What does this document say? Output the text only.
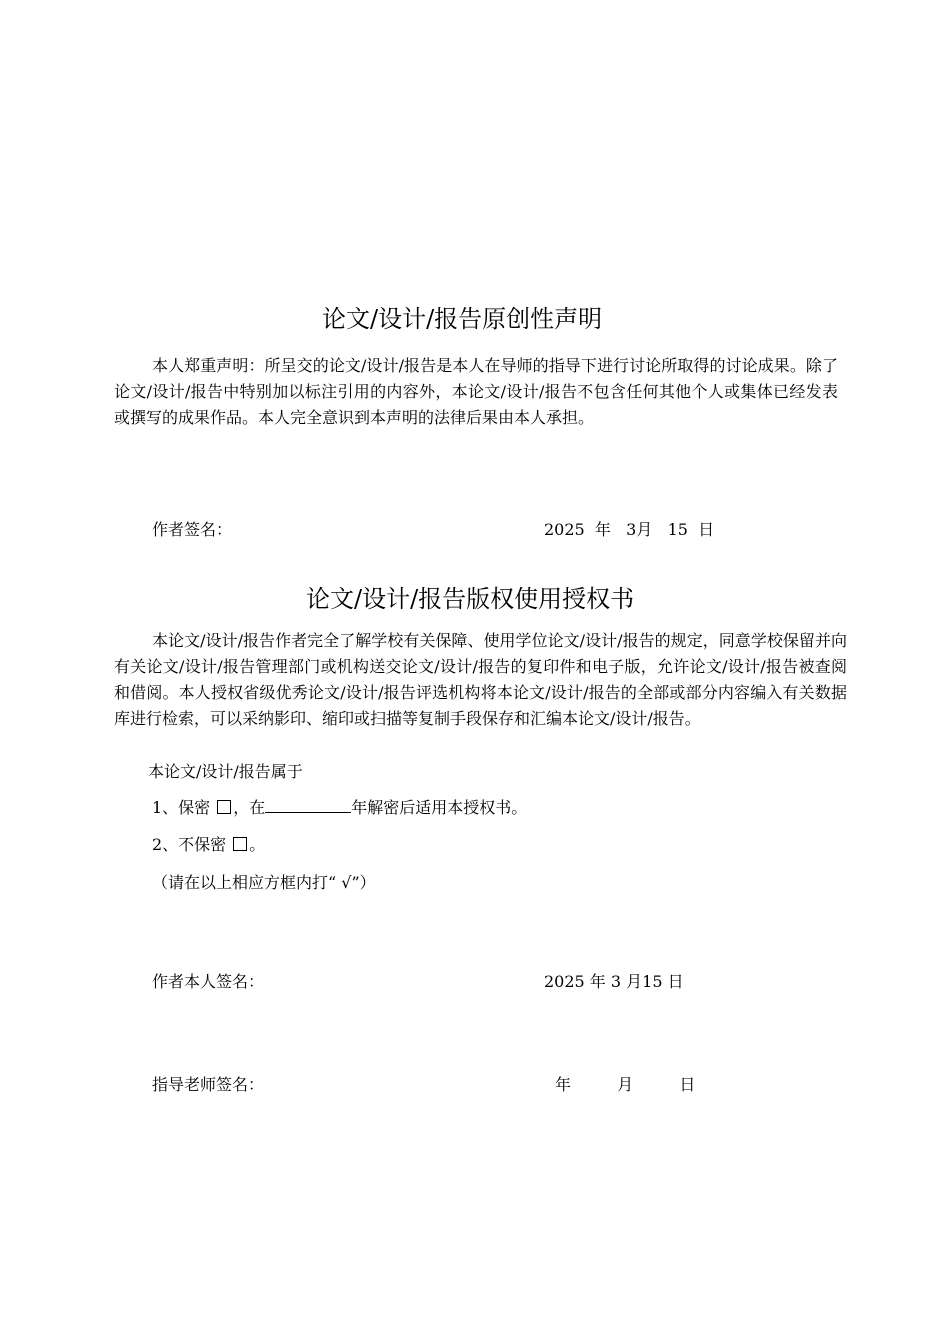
论文/设计/报告原创性声明
本人郑重声明：所呈交的论文/设计/报告是本人在导师的指导下进行讨论所取得的讨论成果。除了论文/设计/报告中特别加以标注引用的内容外，本论文/设计/报告不包含任何其他个人或集体已经发表或撰写的成果作品。本人完全意识到本声明的法律后果由本人承担。
作者签名：	2025 年 3月 15 日
论文/设计/报告版权使用授权书
本论文/设计/报告作者完全了解学校有关保障、使用学位论文/设计/报告的规定，同意学校保留并向有关论文/设计/报告管理部门或机构送交论文/设计/报告的复印件和电子版，允许论文/设计/报告被查阅和借阅。本人授权省级优秀论文/设计/报告评选机构将本论文/设计/报告的全部或部分内容编入有关数据库进行检索，可以采纳影印、缩印或扫描等复制手段保存和汇编本论文/设计/报告。
本论文/设计/报告属于
1、保密 ，在	年解密后适用本授权书。
2、不保密 。
（请在以上相应方框内打“ √”）
作者本人签名：	2025 年 3 月15 日
指导老师签名：	年	月	日
